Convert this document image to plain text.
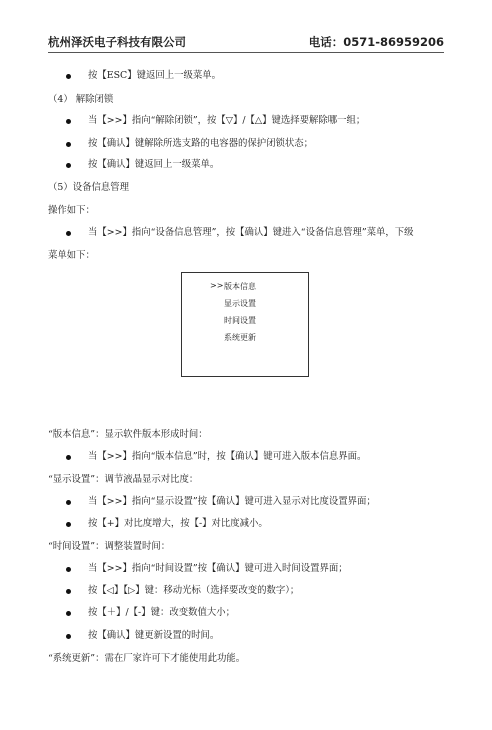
杭州泽沃电子科技有限公司	电话：0571-86959206
按【ESC】键返回上一级菜单。
（4） 解除闭锁
当【>>】指向“解除闭锁”，按【▽】/【△】键选择要解除哪一组；
按【确认】键解除所选支路的电容器的保护闭锁状态；
按【确认】键返回上一级菜单。
（5）设备信息管理
操作如下：
当【>>】指向“设备信息管理”，按【确认】键进入“设备信息管理”菜单，下级
菜单如下：
>> 版本信息
显示设置
时间设置
系统更新
“版本信息”：显示软件版本形成时间：
当【>>】指向“版本信息”时，按【确认】键可进入版本信息界面。
“显示设置”：调节液晶显示对比度：
当【>>】指向“显示设置”按【确认】键可进入显示对比度设置界面；
按【+】对比度增大，按【-】对比度减小。
“时间设置”：调整装置时间：
当【>>】指向“时间设置”按【确认】键可进入时间设置界面；
按【◁】【▷】键：移动光标（选择要改变的数字）；
按【＋】/【-】键：改变数值大小；
按【确认】键更新设置的时间。
“系统更新”：需在厂家许可下才能使用此功能。
